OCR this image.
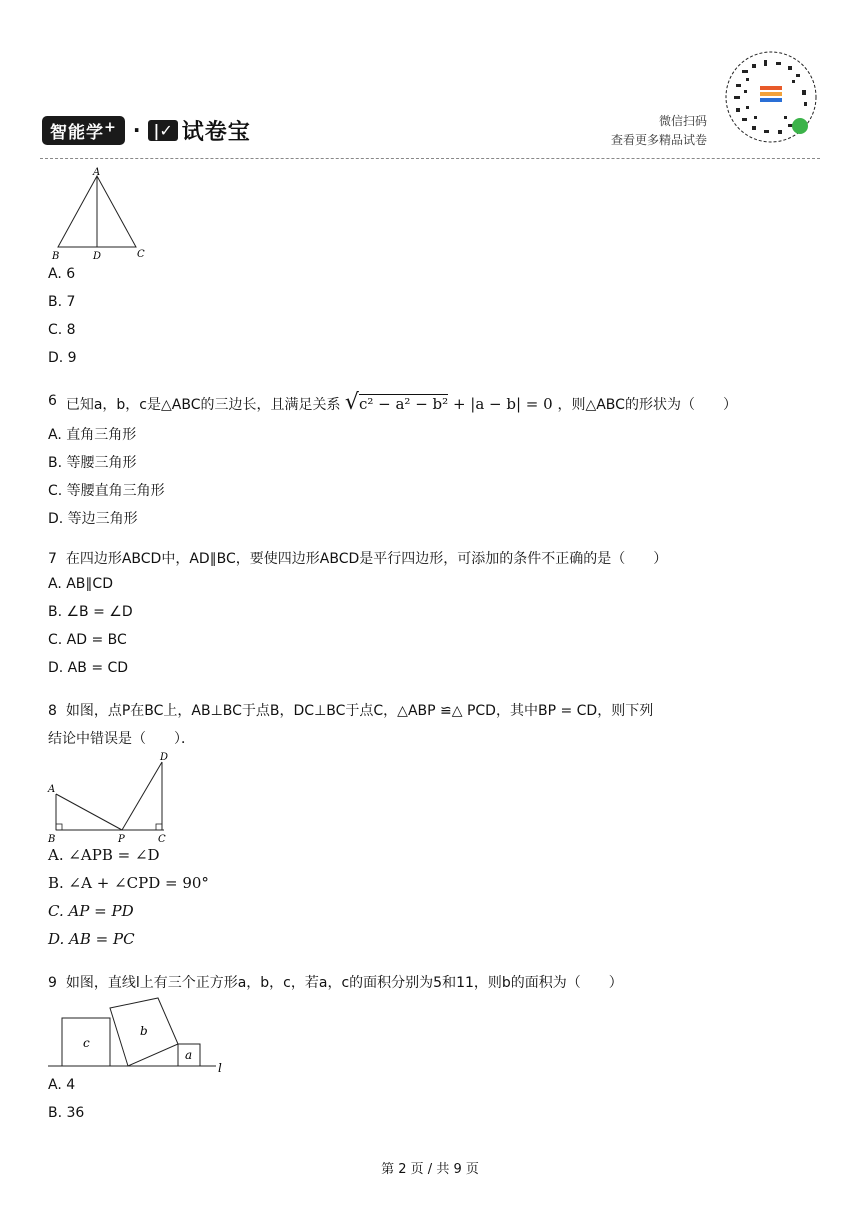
智能学+ · |✓ 试卷宝	微信扫码
查看更多精品试卷
A
B	D	C
A. 6
B. 7
C. 8
D. 9
6 已知a，b，c是△ABC的三边长，且满足关系 √c² − a² − b² + |a − b| = 0 ，则△ABC的形状为（　　）
A. 直角三角形
B. 等腰三角形
C. 等腰直角三角形
D. 等边三角形
7 在四边形ABCD中，AD∥BC，要使四边形ABCD是平行四边形，可添加的条件不正确的是（　　）
A. AB∥CD
B. ∠B = ∠D
C. AD = BC
D. AB = CD
8 如图，点P在BC上，AB⊥BC于点B，DC⊥BC于点C，△ABP ≌△ PCD，其中BP = CD，则下列
结论中错误是（　　）．
A
B	P	C
D
A. ∠APB = ∠D
B. ∠A + ∠CPD = 90°
C. AP = PD
D. AB = PC
9 如图，直线l上有三个正方形a，b，c，若a，c的面积分别为5和11，则b的面积为（　　）
c
b
a
l
A. 4
B. 36
第 2 页 / 共 9 页
